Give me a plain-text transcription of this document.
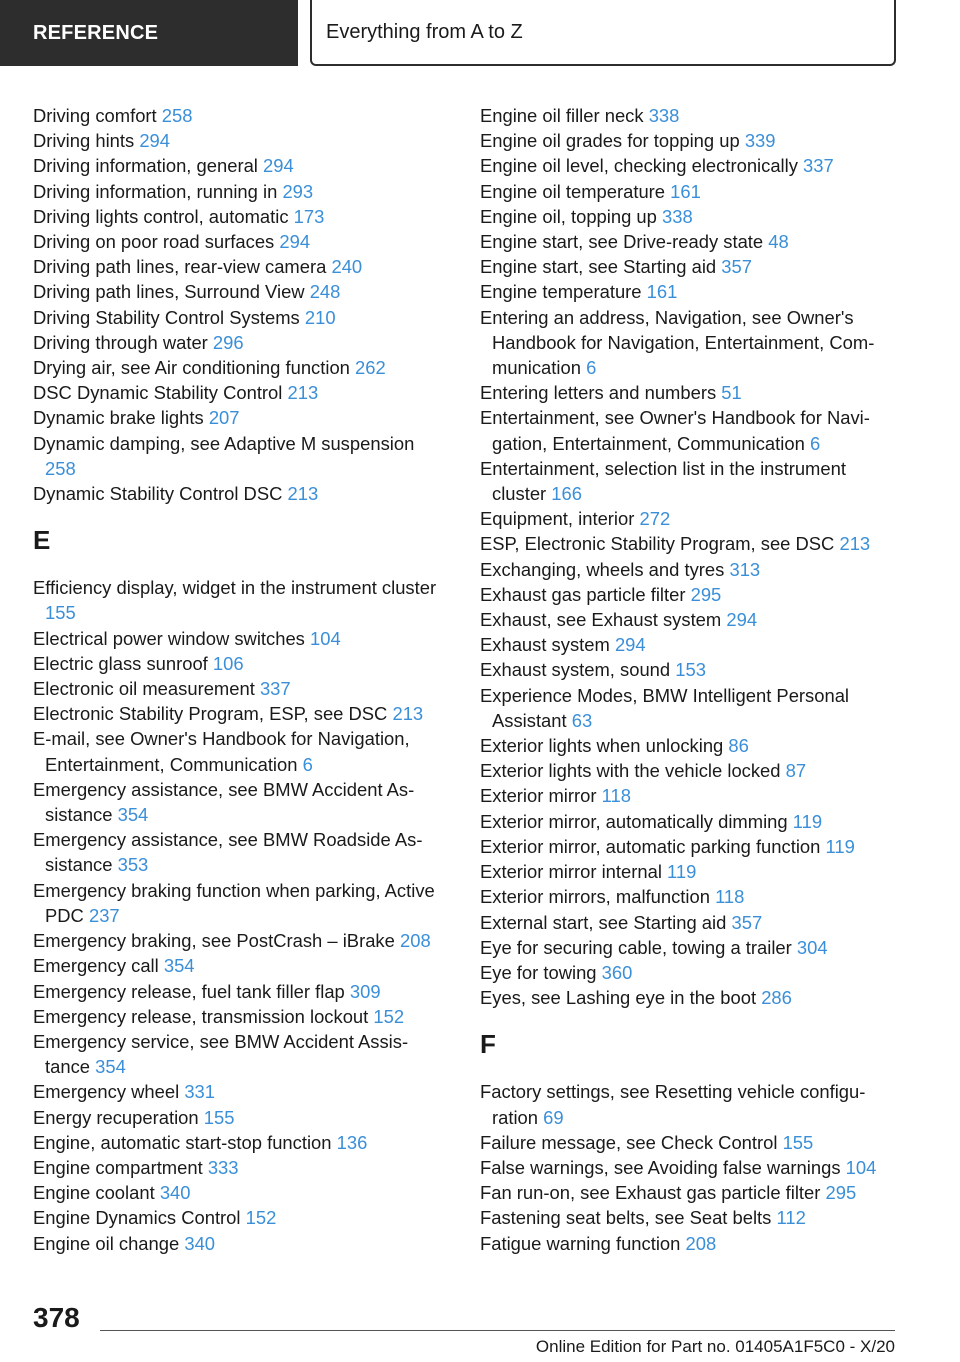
REFERENCE	Everything from A to Z

Driving comfort 258

Driving hints 294

Driving information, general 294

Driving information, running in 293

Driving lights control, automatic 173

Driving on poor road surfaces 294

Driving path lines, rear-view camera 240

Driving path lines, Surround View 248

Driving Stability Control Systems 210

Driving through water 296

Drying air, see Air conditioning function 262

DSC Dynamic Stability Control 213

Dynamic brake lights 207

Dynamic damping, see Adaptive M suspension 258

Dynamic Stability Control DSC 213

E

Efficiency display, widget in the instrument cluster 155

Electrical power window switches 104

Electric glass sunroof 106

Electronic oil measurement 337

Electronic Stability Program, ESP, see DSC 213

E-mail, see Owner's Handbook for Navigation, Entertainment, Communication 6

Emergency assistance, see BMW Accident Assistance 354

Emergency assistance, see BMW Roadside Assistance 353

Emergency braking function when parking, Active PDC 237

Emergency braking, see PostCrash – iBrake 208

Emergency call 354

Emergency release, fuel tank filler flap 309

Emergency release, transmission lockout 152

Emergency service, see BMW Accident Assistance 354

Emergency wheel 331

Energy recuperation 155

Engine, automatic start-stop function 136

Engine compartment 333

Engine coolant 340

Engine Dynamics Control 152

Engine oil change 340

Engine oil filler neck 338

Engine oil grades for topping up 339

Engine oil level, checking electronically 337

Engine oil temperature 161

Engine oil, topping up 338

Engine start, see Drive-ready state 48

Engine start, see Starting aid 357

Engine temperature 161

Entering an address, Navigation, see Owner's Handbook for Navigation, Entertainment, Communication 6

Entering letters and numbers 51

Entertainment, see Owner's Handbook for Navigation, Entertainment, Communication 6

Entertainment, selection list in the instrument cluster 166

Equipment, interior 272

ESP, Electronic Stability Program, see DSC 213

Exchanging, wheels and tyres 313

Exhaust gas particle filter 295

Exhaust, see Exhaust system 294

Exhaust system 294

Exhaust system, sound 153

Experience Modes, BMW Intelligent Personal Assistant 63

Exterior lights when unlocking 86

Exterior lights with the vehicle locked 87

Exterior mirror 118

Exterior mirror, automatically dimming 119

Exterior mirror, automatic parking function 119

Exterior mirror internal 119

Exterior mirrors, malfunction 118

External start, see Starting aid 357

Eye for securing cable, towing a trailer 304

Eye for towing 360

Eyes, see Lashing eye in the boot 286

F

Factory settings, see Resetting vehicle configuration 69

Failure message, see Check Control 155

False warnings, see Avoiding false warnings 104

Fan run-on, see Exhaust gas particle filter 295

Fastening seat belts, see Seat belts 112

Fatigue warning function 208

378
Online Edition for Part no. 01405A1F5C0 - X/20
